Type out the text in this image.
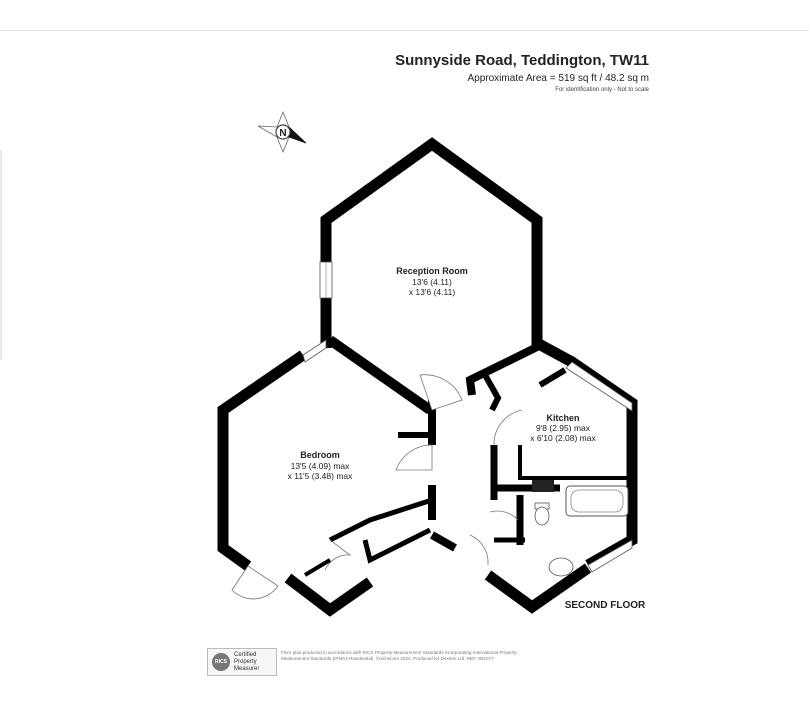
Sunnyside Road, Teddington, TW11
Approximate Area = 519 sq ft / 48.2 sq m
For identification only - Not to scale
N
Reception Room
13'6 (4.11)
x 13'6 (4.11)
Bedroom
13'5 (4.09) max
x 11'5 (3.48) max
Kitchen
9'8 (2.95) max
x 6'10 (2.08) max
SECOND FLOOR
RICS
Certified
Property
Measurer
Floor plan produced in accordance with RICS Property Measurement Standards incorporating International Property Measurement Standards (IPMS2 Residential). ©nichecom 2022. Produced for Dexters Ltd. REF: 881577
